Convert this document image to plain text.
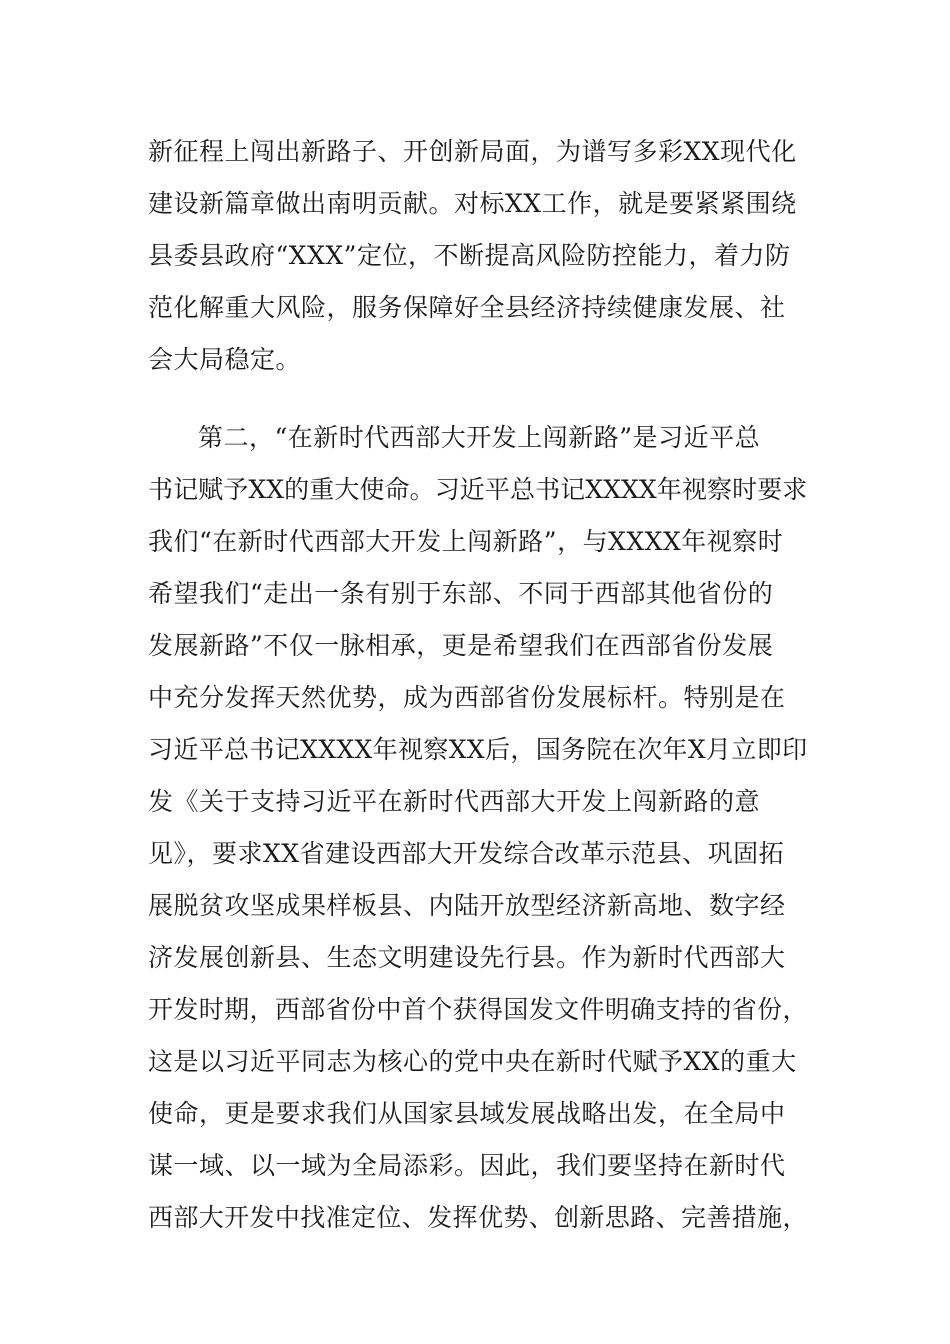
新征程上闯出新路子、开创新局面，为谱写多彩XX现代化
建设新篇章做出南明贡献。对标XX工作，就是要紧紧围绕
县委县政府“XXX”定位，不断提高风险防控能力，着力防
范化解重大风险，服务保障好全县经济持续健康发展、社
会大局稳定。
第二，“在新时代西部大开发上闯新路”是习近平总
书记赋予XX的重大使命。习近平总书记XXXX年视察时要求
我们“在新时代西部大开发上闯新路”，与XXXX年视察时
希望我们“走出一条有别于东部、不同于西部其他省份的
发展新路”不仅一脉相承，更是希望我们在西部省份发展
中充分发挥天然优势，成为西部省份发展标杆。特别是在
习近平总书记XXXX年视察XX后，国务院在次年X月立即印
发《关于支持习近平在新时代西部大开发上闯新路的意
见》，要求XX省建设西部大开发综合改革示范县、巩固拓
展脱贫攻坚成果样板县、内陆开放型经济新高地、数字经
济发展创新县、生态文明建设先行县。作为新时代西部大
开发时期，西部省份中首个获得国发文件明确支持的省份，
这是以习近平同志为核心的党中央在新时代赋予XX的重大
使命，更是要求我们从国家县域发展战略出发，在全局中
谋一域、以一域为全局添彩。因此，我们要坚持在新时代
西部大开发中找准定位、发挥优势、创新思路、完善措施，
